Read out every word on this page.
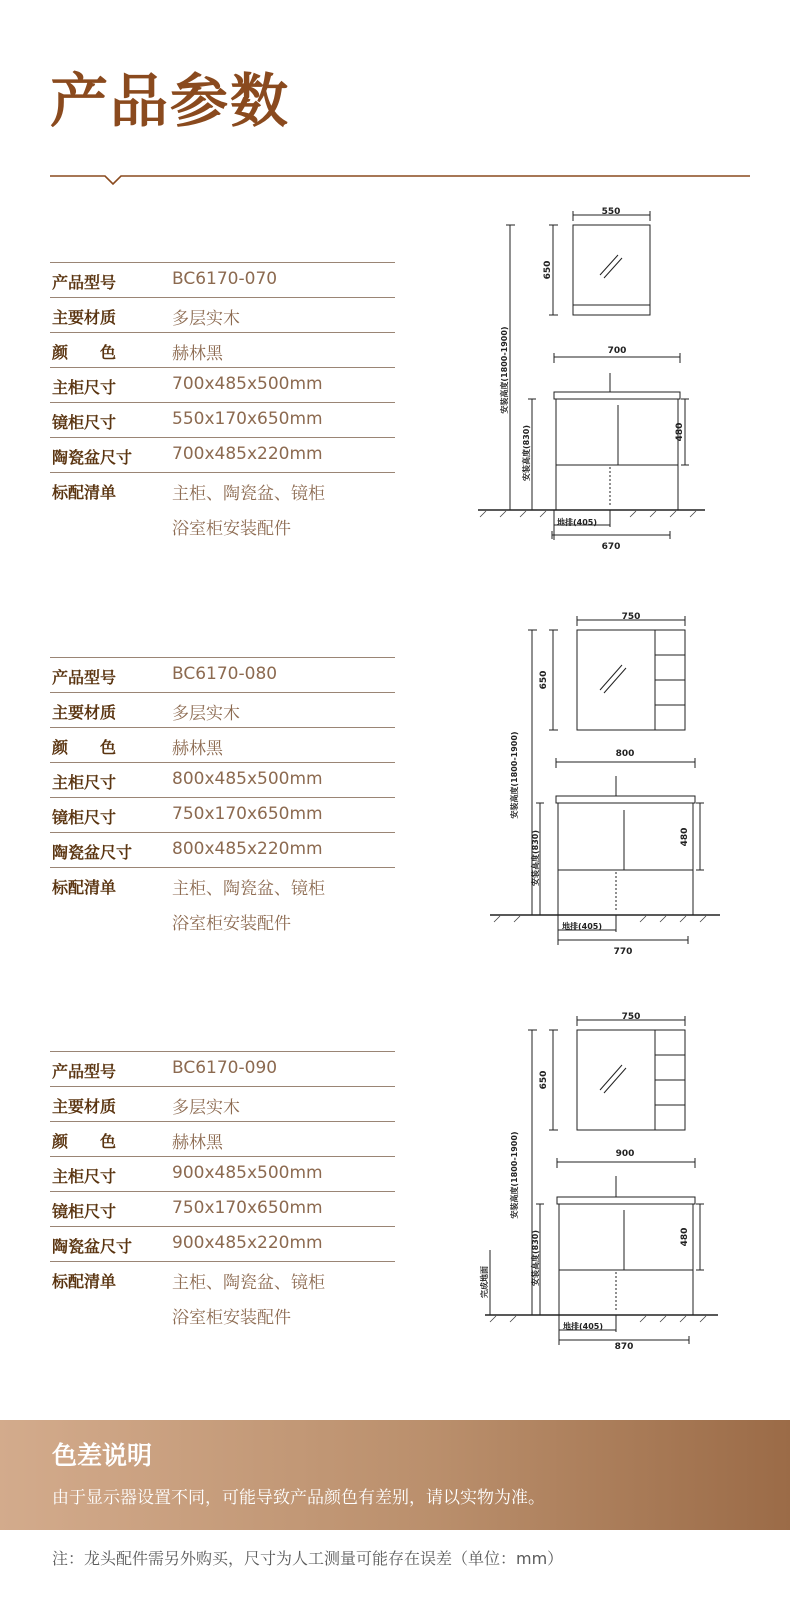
产品参数
产品型号	BC6170-070
主要材质	多层实木
颜　　色	赫林黑
主柜尺寸	700x485x500mm
镜柜尺寸	550x170x650mm
陶瓷盆尺寸 700x485x220mm
标配清单	主柜、陶瓷盆、镜柜
浴室柜安装配件
550
650
安装高度(1800-1900)	700
480
安装高度(830)
地排(405)
670
产品型号	BC6170-080
主要材质	多层实木
颜　　色	赫林黑
主柜尺寸	800x485x500mm
镜柜尺寸	750x170x650mm
陶瓷盆尺寸 800x485x220mm
标配清单	主柜、陶瓷盆、镜柜
浴室柜安装配件
750
650
安装高度(1800-1900)	800
480
安装高度(830)
地排(405)
770
产品型号	BC6170-090
主要材质	多层实木
颜　　色	赫林黑
主柜尺寸	900x485x500mm
镜柜尺寸	750x170x650mm
陶瓷盆尺寸 900x485x220mm
标配清单	主柜、陶瓷盆、镜柜
浴室柜安装配件
750
650
安装高度(1800-1900)	900
480
安装高度(830)
完成地面
地排(405)
870
色差说明
由于显示器设置不同，可能导致产品颜色有差别，请以实物为准。
注：龙头配件需另外购买，尺寸为人工测量可能存在误差（单位：mm）
